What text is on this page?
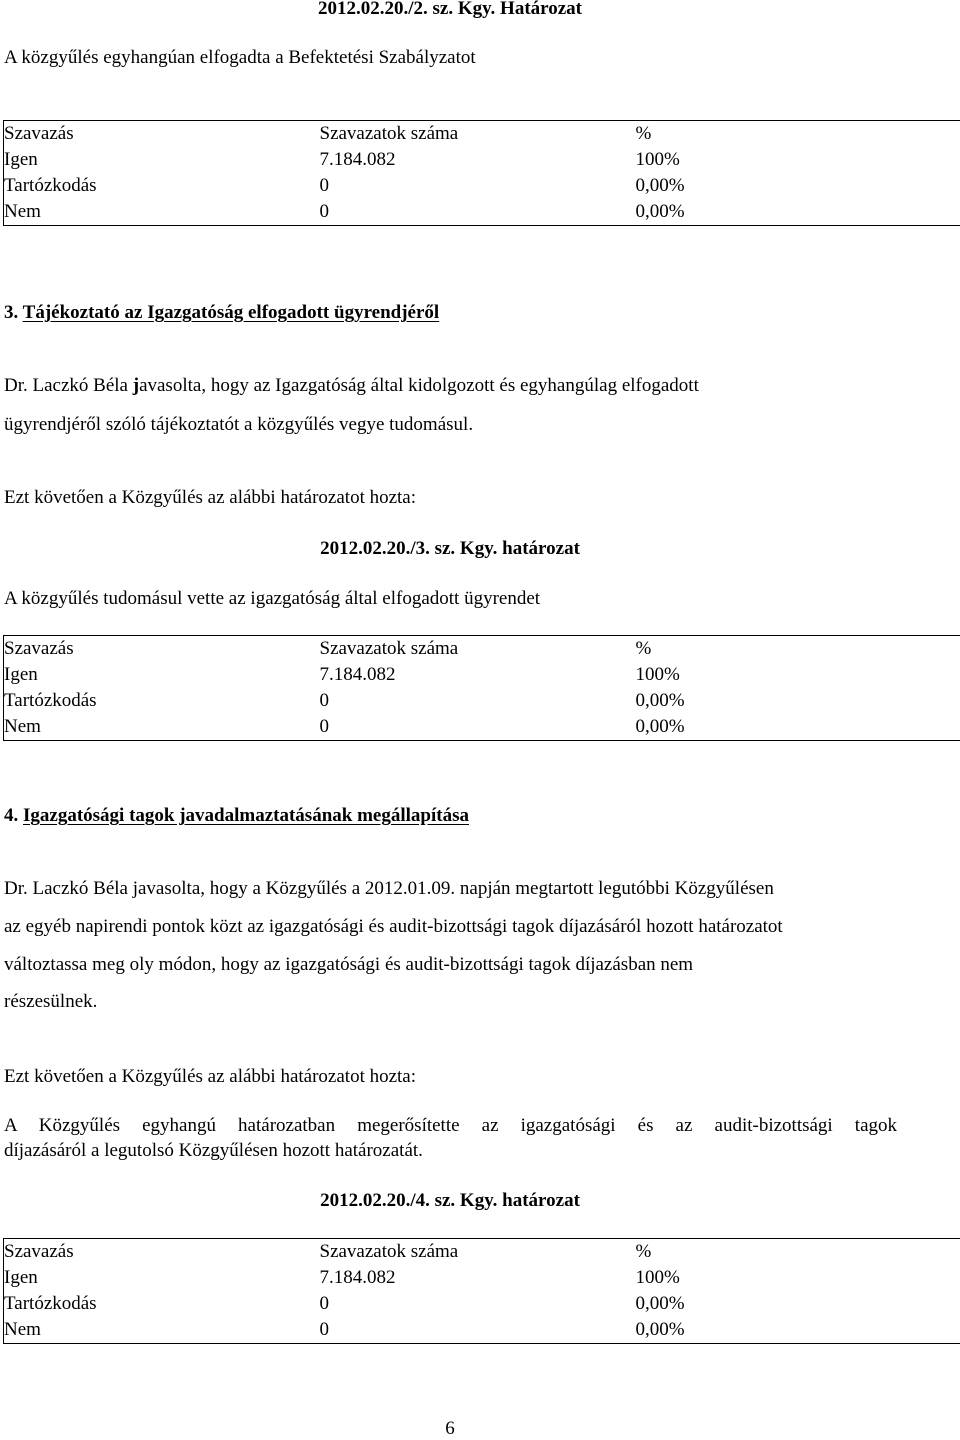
2012.02.20./2. sz. Kgy. Határozat
A közgyűlés egyhangúan elfogadta a Befektetési Szabályzatot
Szavazás	Szavazatok száma	%
Igen	7.184.082	100%
Tartózkodás	0	0,00%
Nem	0	0,00%
3. Tájékoztató az Igazgatóság elfogadott ügyrendjéről
Dr. Laczkó Béla javasolta, hogy az Igazgatóság által kidolgozott és egyhangúlag elfogadott
ügyrendjéről szóló tájékoztatót a közgyűlés vegye tudomásul.
Ezt követően a Közgyűlés az alábbi határozatot hozta:
2012.02.20./3. sz. Kgy. határozat
A közgyűlés tudomásul vette az igazgatóság által elfogadott ügyrendet
Szavazás	Szavazatok száma	%
Igen	7.184.082	100%
Tartózkodás	0	0,00%
Nem	0	0,00%
4. Igazgatósági tagok javadalmaztatásának megállapítása
Dr. Laczkó Béla javasolta, hogy a Közgyűlés a 2012.01.09. napján megtartott legutóbbi Közgyűlésen
az egyéb napirendi pontok közt az igazgatósági és audit-bizottsági tagok díjazásáról hozott határozatot
változtassa meg oly módon, hogy az igazgatósági és audit-bizottsági tagok díjazásban nem
részesülnek.
Ezt követően a Közgyűlés az alábbi határozatot hozta:
A Közgyűlés egyhangú határozatban megerősítette az igazgatósági és az audit-bizottsági tagok
díjazásáról a legutolsó Közgyűlésen hozott határozatát.
2012.02.20./4. sz. Kgy. határozat
Szavazás	Szavazatok száma	%
Igen	7.184.082	100%
Tartózkodás	0	0,00%
Nem	0	0,00%
6
